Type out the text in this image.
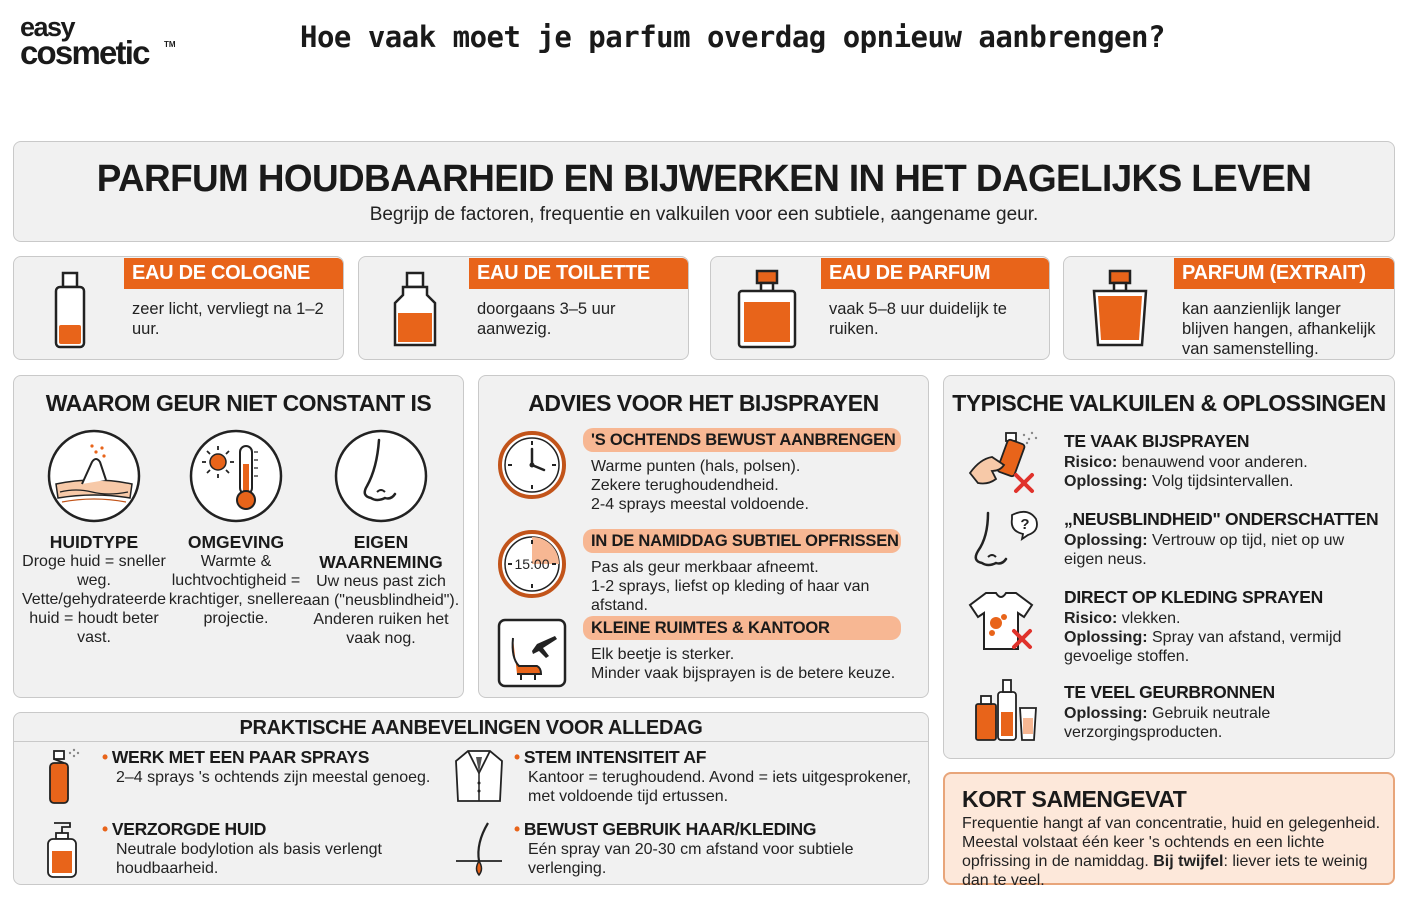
easy
cosmetic TM	Hoe vaak moet je parfum overdag opnieuw aanbrengen?
PARFUM HOUDBAARHEID EN BIJWERKEN IN HET DAGELIJKS LEVEN
Begrijp de factoren, frequentie en valkuilen voor een subtiele, aangename geur.
EAU DE COLOGNE
zeer licht, vervliegt na 1–2 uur.
EAU DE TOILETTE
doorgaans 3–5 uur aanwezig.
EAU DE PARFUM
vaak 5–8 uur duidelijk te ruiken.
PARFUM (EXTRAIT)
kan aanzienlijk langer blijven hangen, afhankelijk van samenstelling.
WAAROM GEUR NIET CONSTANT IS
HUIDTYPE
Droge huid = sneller weg. Vette/gehydrateerde huid = houdt beter vast.
OMGEVING
Warmte & luchtvochtigheid = krachtiger, snellere projectie.
EIGEN WAARNEMING
Uw neus past zich aan ("neusblindheid"). Anderen ruiken het vaak nog.
ADVIES VOOR HET BIJSPRAYEN
'S OCHTENDS BEWUST AANBRENGEN
Warme punten (hals, polsen).
Zekere terughoudendheid.
2-4 sprays meestal voldoende.
15:00
IN DE NAMIDDAG SUBTIEL OPFRISSEN
Pas als geur merkbaar afneemt.
1-2 sprays, liefst op kleding of haar van afstand.
KLEINE RUIMTES & KANTOOR
Elk beetje is sterker.
Minder vaak bijsprayen is de betere keuze.
TYPISCHE VALKUILEN & OPLOSSINGEN
TE VAAK BIJSPRAYEN
Risico: benauwend voor anderen.
Oplossing: Volg tijdsintervallen.
? „NEUSBLINDHEID" ONDERSCHATTEN
Oplossing: Vertrouw op tijd, niet op uw eigen neus.
DIRECT OP KLEDING SPRAYEN
Risico: vlekken.
Oplossing: Spray van afstand, vermijd gevoelige stoffen.
TE VEEL GEURBRONNEN
Oplossing: Gebruik neutrale verzorgingsproducten.
KORT SAMENGEVAT
Frequentie hangt af van concentratie, huid en gelegenheid. Meestal volstaat één keer 's ochtends en een lichte opfrissing in de namiddag. Bij twijfel: liever iets te weinig dan te veel.
PRAKTISCHE AANBEVELINGEN VOOR ALLEDAG
• WERK MET EEN PAAR SPRAYS
2–4 sprays 's ochtends zijn meestal genoeg.
• STEM INTENSITEIT AF
Kantoor = terughoudend. Avond = iets uitgesprokener, met voldoende tijd ertussen.
• VERZORGDE HUID
Neutrale bodylotion als basis verlengt houdbaarheid.
• BEWUST GEBRUIK HAAR/KLEDING
Eén spray van 20-30 cm afstand voor subtiele verlenging.
